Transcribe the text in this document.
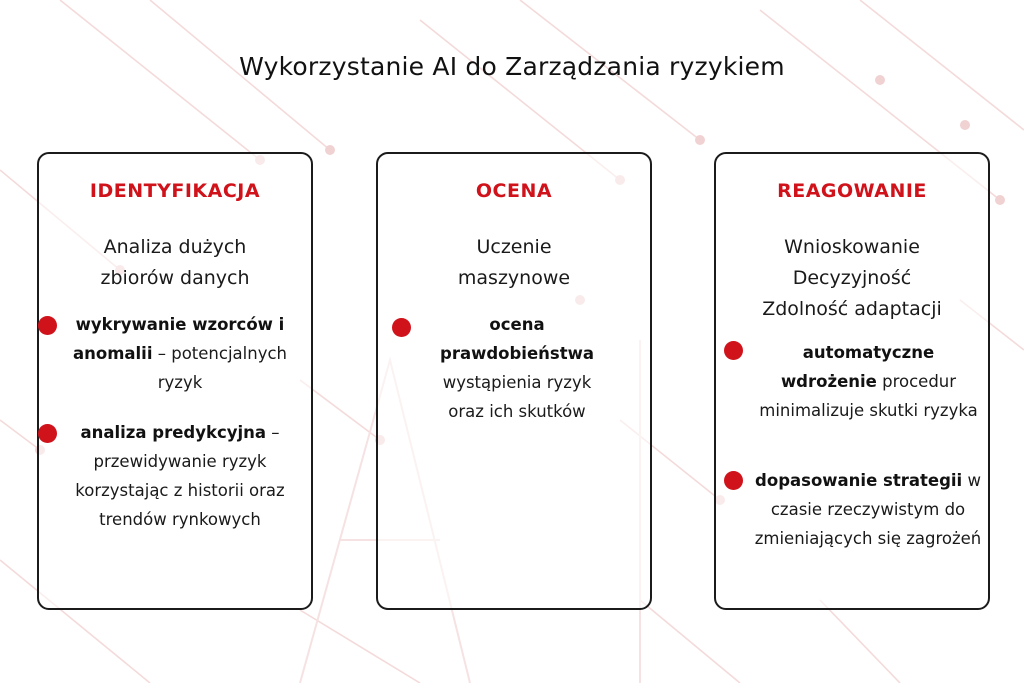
Wykorzystanie AI do Zarządzania ryzykiem
IDENTYFIKACJA
Analiza dużych
zbiorów danych
wykrywanie wzorców i anomalii – potencjalnych ryzyk
analiza predykcyjna – przewidywanie ryzyk korzystając z historii oraz trendów rynkowych
OCENA
Uczenie
maszynowe
ocena prawdobieństwa wystąpienia ryzyk oraz ich skutków
REAGOWANIE
Wnioskowanie
Decyzyjność
Zdolność adaptacji
automatyczne wdrożenie procedur minimalizuje skutki ryzyka
dopasowanie strategii w czasie rzeczywistym do zmieniających się zagrożeń
